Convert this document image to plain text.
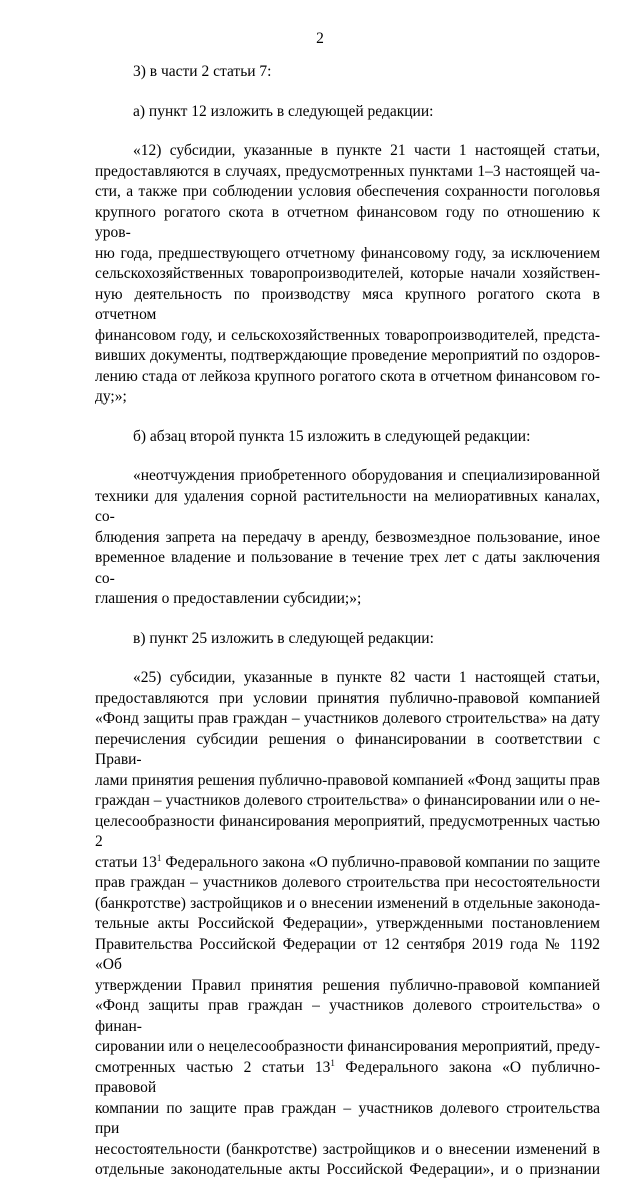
2

3) в части 2 статьи 7:

а) пункт 12 изложить в следующей редакции:

«12) субсидии, указанные в пункте 21 части 1 настоящей статьи,
предоставляются в случаях, предусмотренных пунктами 1–3 настоящей ча-
сти, а также при соблюдении условия обеспечения сохранности поголовья
крупного рогатого скота в отчетном финансовом году по отношению к уров-
ню года, предшествующего отчетному финансовому году, за исключением
сельскохозяйственных товаропроизводителей, которые начали хозяйствен-
ную деятельность по производству мяса крупного рогатого скота в отчетном
финансовом году, и сельскохозяйственных товаропроизводителей, предста-
вивших документы, подтверждающие проведение мероприятий по оздоров-
лению стада от лейкоза крупного рогатого скота в отчетном финансовом го-
ду;»;

б) абзац второй пункта 15 изложить в следующей редакции:

«неотчуждения приобретенного оборудования и специализированной
техники для удаления сорной растительности на мелиоративных каналах, со-
блюдения запрета на передачу в аренду, безвозмездное пользование, иное
временное владение и пользование в течение трех лет с даты заключения со-
глашения о предоставлении субсидии;»;

в) пункт 25 изложить в следующей редакции:

«25) субсидии, указанные в пункте 82 части 1 настоящей статьи,
предоставляются при условии принятия публично-правовой компанией
«Фонд защиты прав граждан – участников долевого строительства» на дату
перечисления субсидии решения о финансировании в соответствии с Прави-
лами принятия решения публично-правовой компанией «Фонд защиты прав
граждан – участников долевого строительства» о финансировании или о не-
целесообразности финансирования мероприятий, предусмотренных частью 2
статьи $13^1$ Федерального закона «О публично-правовой компании по защите
прав граждан – участников долевого строительства при несостоятельности
(банкротстве) застройщиков и о внесении изменений в отдельные законода-
тельные акты Российской Федерации», утвержденными постановлением
Правительства Российской Федерации от 12 сентября 2019 года № 1192 «Об
утверждении Правил принятия решения публично-правовой компанией
«Фонд защиты прав граждан – участников долевого строительства» о финан-
сировании или о нецелесообразности финансирования мероприятий, преду-
смотренных частью 2 статьи $13^1$ Федерального закона «О публично-правовой
компании по защите прав граждан – участников долевого строительства при
несостоятельности (банкротстве) застройщиков и о внесении изменений в
отдельные законодательные акты Российской Федерации», и о признании
